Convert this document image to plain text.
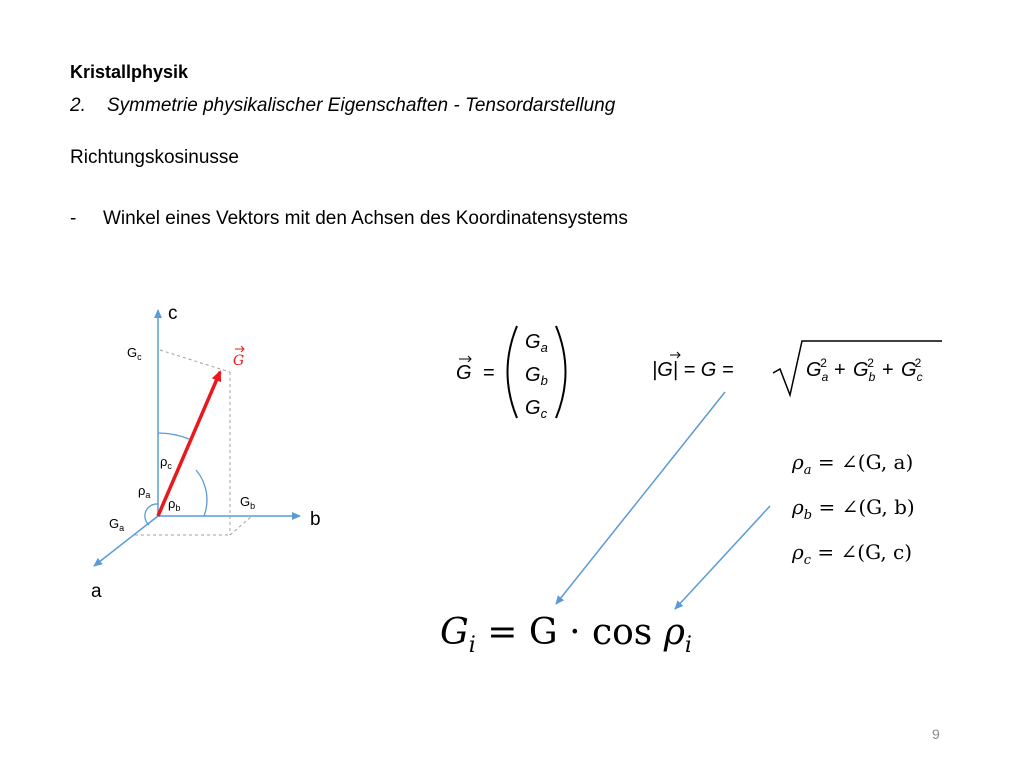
Kristallphysik
2. Symmetrie physikalischer Eigenschaften - Tensordarstellung
Richtungskosinusse
- Winkel eines Vektors mit den Achsen des Koordinatensystems
c
b
a
$G_c$
$G_b$
$G_a$
$\rho_c$
$\rho_b$
$\rho_a$
G
G =
$G_a$
$G_b$
$G_c$
|G| = G =	$G_a2 + G_b2 + G_c2$
$\rho_a$ = ∠(G, a)
$\rho_b$ = ∠(G, b)
$\rho_c$ = ∠(G, c)
$G_i = G \cdot \cos \rho_i$
9
